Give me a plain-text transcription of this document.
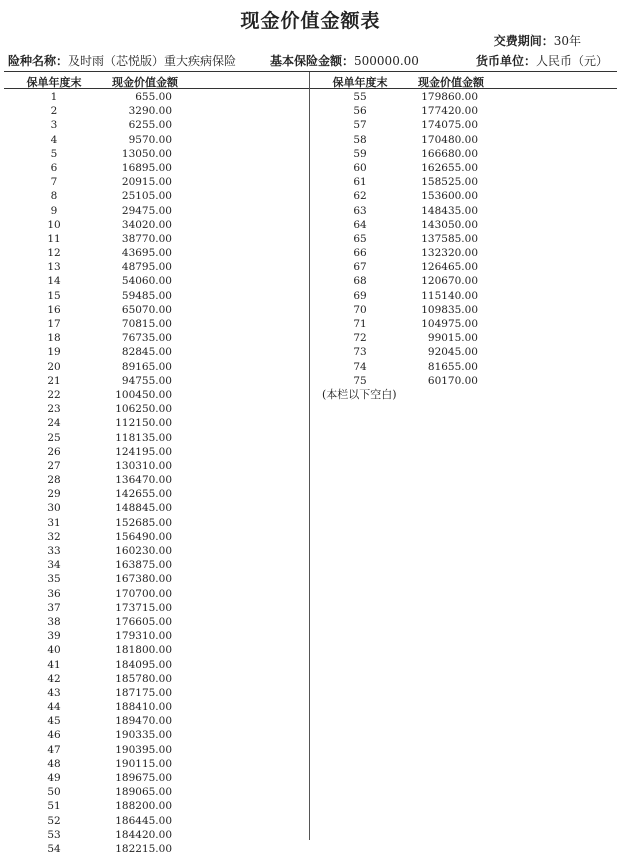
现金价值金额表
交费期间：30年
险种名称：及时雨（芯悦版）重大疾病保险	基本保险金额：500000.00	货币单位：人民币（元）
保单年度末	现金价值金额
1	655.00
2	3290.00
3	6255.00
4	9570.00
5	13050.00
6	16895.00
7	20915.00
8	25105.00
9	29475.00
10	34020.00
11	38770.00
12	43695.00
13	48795.00
14	54060.00
15	59485.00
16	65070.00
17	70815.00
18	76735.00
19	82845.00
20	89165.00
21	94755.00
22	100450.00
23	106250.00
24	112150.00
25	118135.00
26	124195.00
27	130310.00
28	136470.00
29	142655.00
30	148845.00
31	152685.00
32	156490.00
33	160230.00
34	163875.00
35	167380.00
36	170700.00
37	173715.00
38	176605.00
39	179310.00
40	181800.00
41	184095.00
42	185780.00
43	187175.00
44	188410.00
45	189470.00
46	190335.00
47	190395.00
48	190115.00
49	189675.00
50	189065.00
51	188200.00
52	186445.00
53	184420.00
54	182215.00
保单年度末	现金价值金额
55	179860.00
56	177420.00
57	174075.00
58	170480.00
59	166680.00
60	162655.00
61	158525.00
62	153600.00
63	148435.00
64	143050.00
65	137585.00
66	132320.00
67	126465.00
68	120670.00
69	115140.00
70	109835.00
71	104975.00
72	99015.00
73	92045.00
74	81655.00
75	60170.00
(本栏以下空白)
